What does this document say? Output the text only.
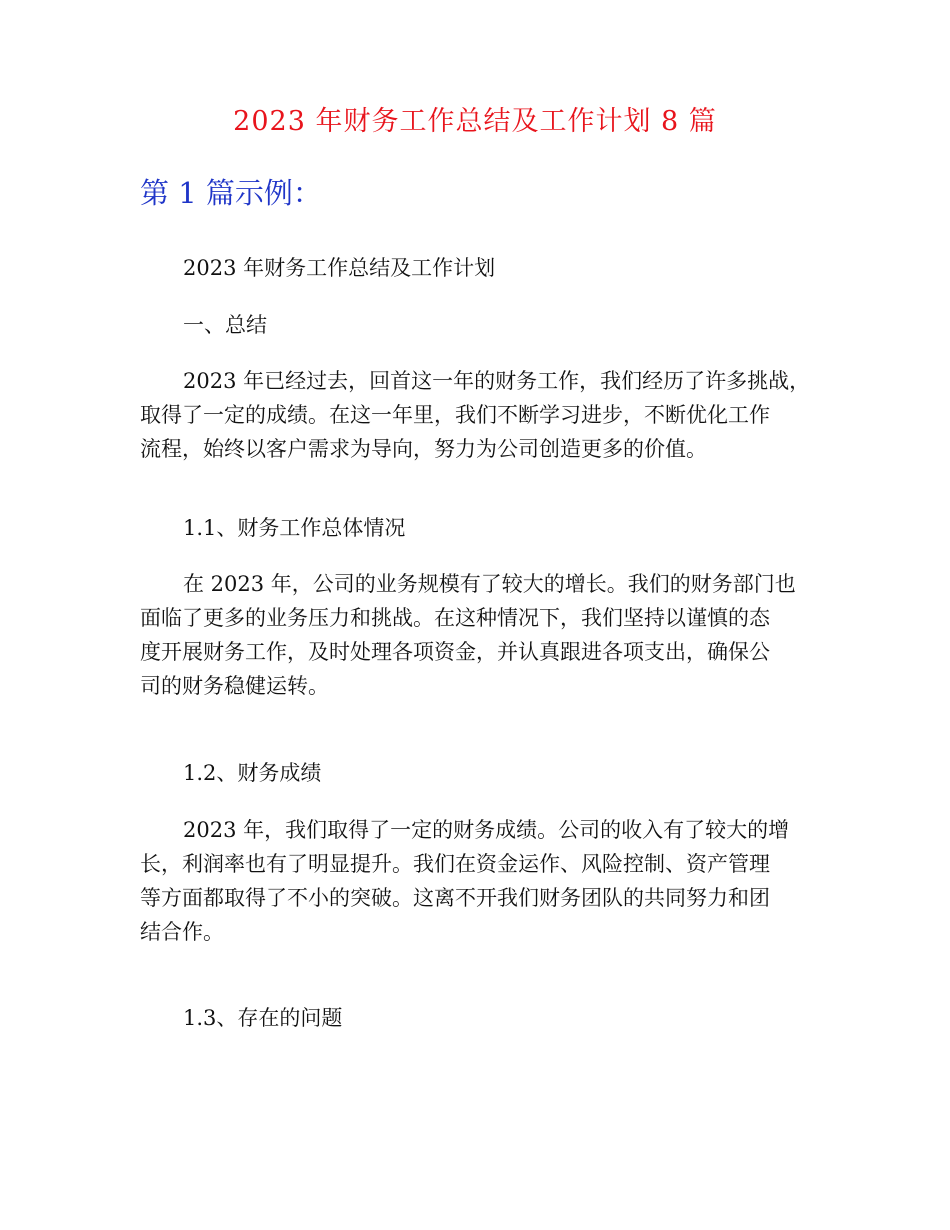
2023 年财务工作总结及工作计划 8 篇
第 1 篇示例：
2023 年财务工作总结及工作计划
一、总结
2023 年已经过去，回首这一年的财务工作，我们经历了许多挑战，
取得了一定的成绩。在这一年里，我们不断学习进步，不断优化工作
流程，始终以客户需求为导向，努力为公司创造更多的价值。
1.1、财务工作总体情况
在 2023 年，公司的业务规模有了较大的增长。我们的财务部门也
面临了更多的业务压力和挑战。在这种情况下，我们坚持以谨慎的态
度开展财务工作，及时处理各项资金，并认真跟进各项支出，确保公
司的财务稳健运转。
1.2、财务成绩
2023 年，我们取得了一定的财务成绩。公司的收入有了较大的增
长，利润率也有了明显提升。我们在资金运作、风险控制、资产管理
等方面都取得了不小的突破。这离不开我们财务团队的共同努力和团
结合作。
1.3、存在的问题
